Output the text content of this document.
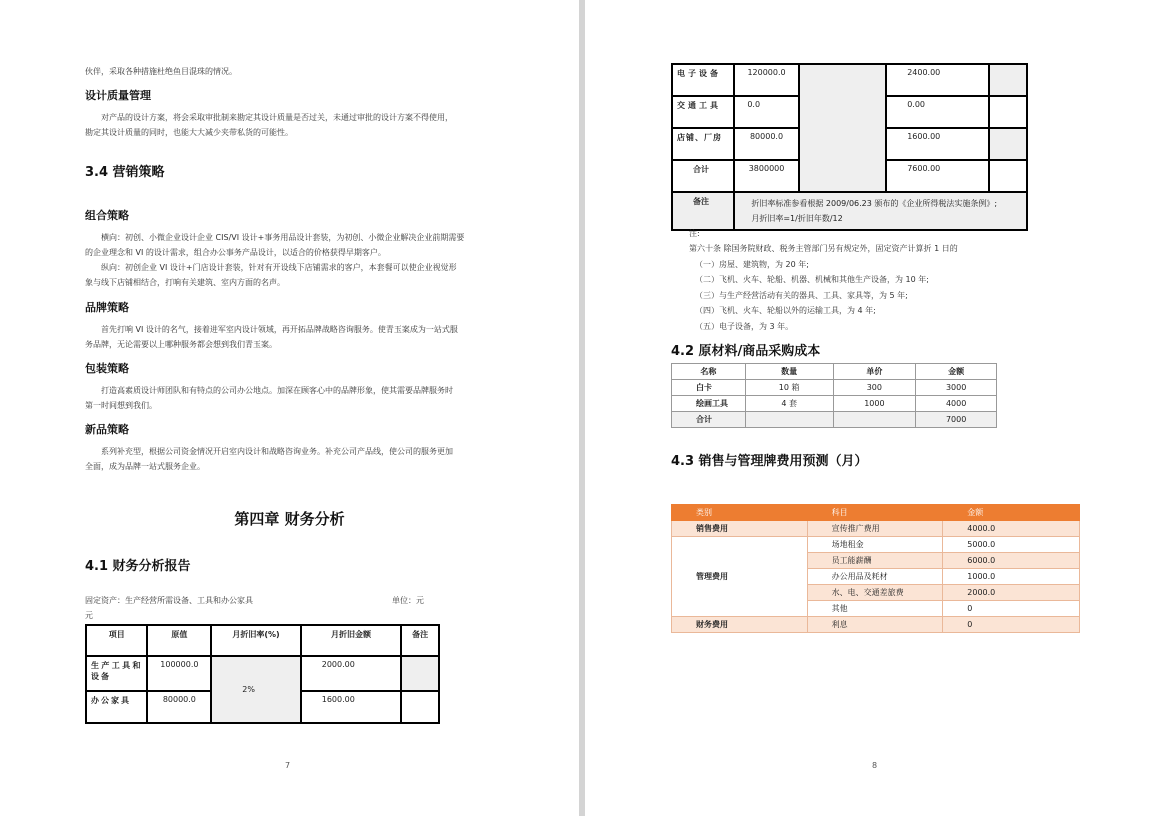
伙伴，采取各种措施杜绝鱼目混珠的情况。
设计质量管理
对产品的设计方案，将会采取审批制来勘定其设计质量是否过关，未通过审批的设计方案不得使用，
勘定其设计质量的同时，也能大大减少夹带私货的可能性。
3.4 营销策略
组合策略
横向：初创、小微企业设计企业 CIS/VI 设计+事务用品设计套装，为初创、小微企业解决企业前期需要
的企业理念和 VI 的设计需求，组合办公事务产品设计，以适合的价格获得早期客户。
纵向：初创企业 VI 设计+门店设计套装，针对有开设线下店铺需求的客户，本套餐可以使企业视觉形
象与线下店铺相结合，打响有关建筑、室内方面的名声。
品牌策略
首先打响 VI 设计的名气，接着进军室内设计领域，再开拓品牌战略咨询服务。使青玉案成为一站式服
务品牌，无论需要以上哪种服务都会想到我们青玉案。
包装策略
打造高素质设计师团队和有特点的公司办公地点。加深在顾客心中的品牌形象，使其需要品牌服务时
第一时间想到我们。
新品策略
系列补充型，根据公司资金情况开启室内设计和战略咨询业务。补充公司产品线，使公司的服务更加
全面，成为品牌一站式服务企业。
第四章 财务分析
4.1 财务分析报告
固定资产：生产经营所需设备、工具和办公家具	单位：元
元
项目	原值	月折旧率(%)	月折旧金额	备注
生产工具和设备	100000.0	2%	2000.00	
办公家具	80000.0		1600.00	
7
电子设备	120000.0		2400.00	
交通工具	0.0		0.00	
店铺、厂房	80000.0		1600.00	
合计	3800000		7600.00	
备注	折旧率标准参看根据 2009/06.23 颁布的《企业所得税法实施条例》;
月折旧率=1/折旧年数/12			
注:
第六十条 除国务院财政、税务主管部门另有规定外，固定资产计算折 1 日的
（一）房屋、建筑物，为 20 年;
（二）飞机、火车、轮船、机器、机械和其他生产设备，为 10 年;
（三）与生产经营活动有关的器具、工具、家具等，为 5 年;
（四）飞机、火车、轮船以外的运输工具，为 4 年;
（五）电子设备，为 3 年。
4.2 原材料/商品采购成本
名称	数量	单价	金额
白卡	10 箱	300	3000
绘画工具	4 套	1000	4000
合计			7000
4.3 销售与管理牌费用预测（月）
类别	科目	金额
销售费用	宣传推广费用	4000.0
管理费用	场地租金	5000.0
	员工能薪酬	6000.0
	办公用品及耗材	1000.0
	水、电、交通差旅费	2000.0
	其他	0
财务费用	利息	0
8
